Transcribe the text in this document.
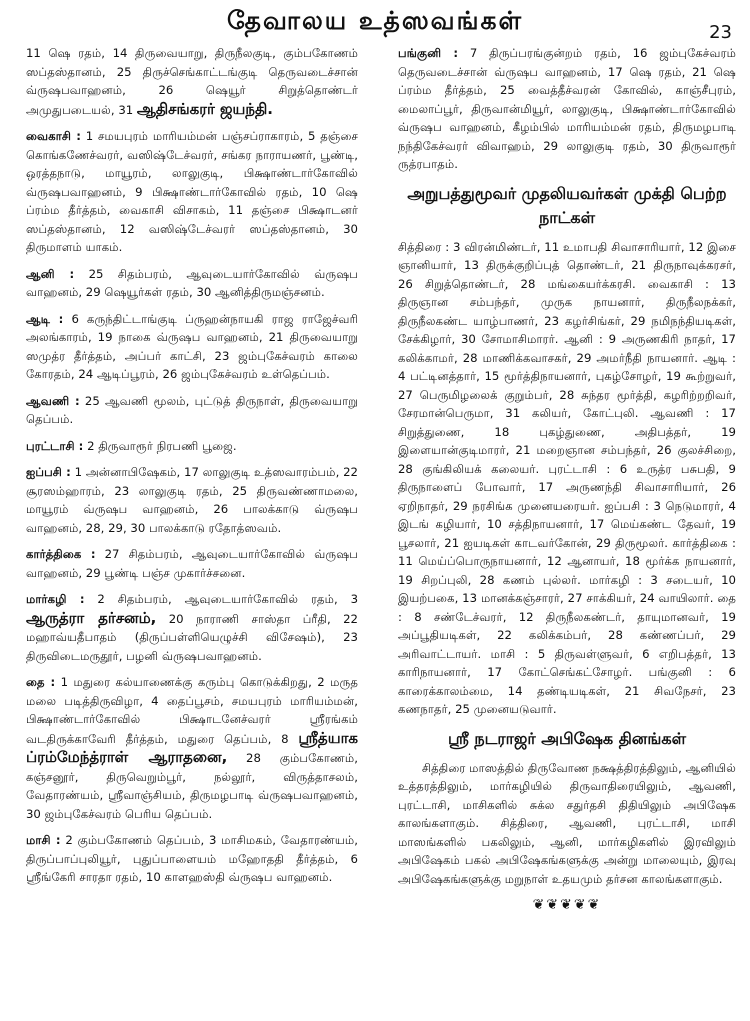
தேவாலய உத்ஸவங்கள்	23

11 ஷெ ரதம், 14 திருவையாறு, திருநீலகுடி, கும்பகோணம் ஸப்தஸ்தானம், 25 திருச்செங்காட்டங்குடி தெருவடைச்சான் வ்ருஷபவாஹனம், 26 ஷெயூர் சிறுத்தொண்டர் அமுதுபடையல், 31 ஆதிசங்கரர் ஜயந்தி.

வைகாசி : 1 சமயபுரம் மாரியம்மன் பஞ்சப்ராகாரம், 5 தஞ்சை கொங்கணேச்வரர், வஸிஷ்டேச்வரர், சங்கர நாராயணர், பூண்டி, ஒரத்தநாடு, மாயூரம், லாலுகுடி, பிக்ஷாண்டார்கோவில் வ்ருஷபவாஹனம், 9 பிக்ஷாண்டார்கோவில் ரதம், 10 ஷெ ப்ரம்ம தீர்த்தம், வைகாசி விசாகம், 11 தஞ்சை பிக்ஷாடனர் ஸப்தஸ்தானம், 12 வஸிஷ்டேச்வரர் ஸப்தஸ்தானம், 30 திருமாளம் யாகம்.

ஆனி : 25 சிதம்பரம், ஆவுடையார்கோவில் வ்ருஷப வாஹனம், 29 ஷெயூர்கள் ரதம், 30 ஆனித்திருமஞ்சனம்.

ஆடி : 6 கருந்திட்டாங்குடி ப்ருஹன்நாயகி ராஜ ராஜேச்வரி அலங்காரம், 19 நாகை வ்ருஷப வாஹனம், 21 திருவையாறு ஸமுத்ர தீர்த்தம், அப்பர் காட்சி, 23 ஜம்புகேச்வரம் காலை கோரதம், 24 ஆடிப்பூரம், 26 ஜம்புகேச்வரம் உள்தெப்பம்.

ஆவணி : 25 ஆவணி மூலம், புட்டுத் திருநாள், திருவையாறு தெப்பம்.

புரட்டாசி : 2 திருவாரூர் நிரபணி பூஜை.

ஐப்பசி : 1 அன்னாபிஷேகம், 17 லாலுகுடி உத்ஸவாரம்பம், 22 சூரஸம்ஹாரம், 23 லாலுகுடி ரதம், 25 திருவண்ணாமலை, மாயூரம் வ்ருஷப வாஹனம், 26 பாலக்காடு வ்ருஷப வாஹனம், 28, 29, 30 பாலக்காடு ரதோத்ஸவம்.

கார்த்திகை : 27 சிதம்பரம், ஆவுடையார்கோவில் வ்ருஷப வாஹனம், 29 பூண்டி பஞ்ச முகார்ச்சனை.

மார்கழி : 2 சிதம்பரம், ஆவுடையார்கோவில் ரதம், 3 ஆருத்ரா தர்சனம், 20 நாராணி சாஸ்தா ப்ரீதி, 22 மஹாவ்யதீபாதம் (திருப்பள்ளியெழுச்சி விசேஷம்), 23 திருவிடைமருதூர், பழனி வ்ருஷபவாஹனம்.

தை : 1 மதுரை கல்யாணைக்கு கரும்பு கொடுக்கிறது, 2 மருத மலை படித்திருவிழா, 4 தைப்பூசம், சமயபுரம் மாரியம்மன், பிக்ஷாண்டார்கோவில் பிக்ஷாடனேச்வரர் ஸ்ரீரங்கம் வடதிருக்காவேரி தீர்த்தம், மதுரை தெப்பம், 8 ஸ்ரீத்யாக ப்ரம்மேந்த்ராள் ஆராதனை, 28 கும்பகோணம், கஞ்சனூர், திருவெறும்பூர், நல்லூர், விருத்தாசலம், வேதாரண்யம், ஸ்ரீவாஞ்சியம், திருமழபாடி வ்ருஷபவாஹனம், 30 ஜம்புகேச்வரம் பெரிய தெப்பம்.

மாசி : 2 கும்பகோணம் தெப்பம், 3 மாசிமகம், வேதாரண்யம், திருப்பாப்புலியூர், புதுப்பாளையம் மஹோததி தீர்த்தம், 6 ஸ்ரீங்கேரி சாரதா ரதம், 10 காளஹஸ்தி வ்ருஷப வாஹனம்.

பங்குனி : 7 திருப்பரங்குன்றம் ரதம், 16 ஜம்புகேச்வரம் தெருவடைச்சான் வ்ருஷப வாஹனம், 17 ஷெ ரதம், 21 ஷெ ப்ரம்ம தீர்த்தம், 25 வைத்தீச்வரன் கோவில், காஞ்சீபுரம், மைலாப்பூர், திருவான்மியூர், லாலுகுடி, பிக்ஷாண்டார்கோவில் வ்ருஷப வாஹனம், கீழம்பில் மாரியம்மன் ரதம், திருமழபாடி நந்திகேச்வரர் விவாஹம், 29 லாலுகுடி ரதம், 30 திருவாரூர் ருத்ரபாதம்.

அறுபத்துமூவர் முதலியவர்கள் முக்தி பெற்ற நாட்கள்

சித்திரை : 3 விரன்மிண்டர், 11 உமாபதி சிவாசாரியார், 12 இசை ஞானியார், 13 திருக்குறிப்புத் தொண்டர், 21 திருநாவுக்கரசர், 26 சிறுத்தொண்டர், 28 மங்கையர்க்கரசி. வைகாசி : 13 திருஞான சம்பந்தர், முருக நாயனார், திருநீலநக்கர், திருநீலகண்ட யாழ்பாணர், 23 கழர்சிங்கர், 29 நமிநந்தியடிகள், சேக்கிழார், 30 சோமாசிமாரர். ஆனி : 9 அருணகிரி நாதர், 17 கலிக்காமர், 28 மாணிக்கவாசகர், 29 அமர்நீதி நாயனார். ஆடி : 4 பட்டினத்தார், 15 மூர்த்திநாயனார், புகழ்சோழர், 19 கூற்றுவர், 27 பெருமிழலைக் குறும்பர், 28 சுந்தர மூர்த்தி, கழரிற்றறிவர், சேரமான்பெருமா, 31 கலியர், கோட்புலி. ஆவணி : 17 சிறுத்துணை, 18 புகழ்துணை, அதிபத்தர், 19 இளையான்குடிமாரர், 21 மறைஞான சம்பந்தர், 26 குலச்சிறை, 28 குங்கிலியக் கலையர். புரட்டாசி : 6 உருத்ர பசுபதி, 9 திருநாளைப் போவார், 17 அருணந்தி சிவாசாரியார், 26 ஏறிநாதர், 29 நரசிங்க முனையரையர். ஐப்பசி : 3 நெடுமாரர், 4 இடங் கழியார், 10 சத்திநாயனார், 17 மெய்கண்ட தேவர், 19 பூசலார், 21 ஐயடிகள் காடவர்கோன், 29 திருமூலர். கார்த்திகை : 11 மெய்ப்பொருநாயனார், 12 ஆனாயர், 18 மூர்க்க நாயனார், 19 சிறப்புலி, 28 கணம் புல்லர். மார்கழி : 3 சடையர், 10 இயற்பகை, 13 மானக்கஞ்சாரர், 27 சாக்கியர், 24 வாயிலார். தை : 8 சண்டேச்வரர், 12 திருநீலகண்டர், தாயுமானவர், 19 அப்பூதியடிகள், 22 கலிக்கம்பர், 28 கண்ணப்பர், 29 அரிவாட்டாயர். மாசி : 5 திருவள்ளுவர், 6 எறிபத்தர், 13 காரிநாயனார், 17 கோட்செங்கட்சோழர். பங்குனி : 6 காரைக்காலம்மை, 14 தண்டியடிகள், 21 சிவநேசர், 23 கணநாதர், 25 முனையடுவார்.

ஸ்ரீ நடராஜர் அபிஷேக தினங்கள்

சித்திரை மாஸத்தில் திருவோண நக்ஷத்திரத்திலும், ஆனியில் உத்தரத்திலும், மார்கழியில் திருவாதிரையிலும், ஆவணி, புரட்டாசி, மாசிகளில் சுக்ல சதுர்தசி திதியிலும் அபிஷேக காலங்களாகும். சித்திரை, ஆவணி, புரட்டாசி, மாசி மாஸங்களில் பகலிலும், ஆனி, மார்கழிகளில் இரவிலும் அபிஷேகம் பகல் அபிஷேகங்களுக்கு அன்று மாலையும், இரவு அபிஷேகங்களுக்கு மறுநாள் உதயமும் தர்சன காலங்களாகும்.

❦❦❦❦❦
